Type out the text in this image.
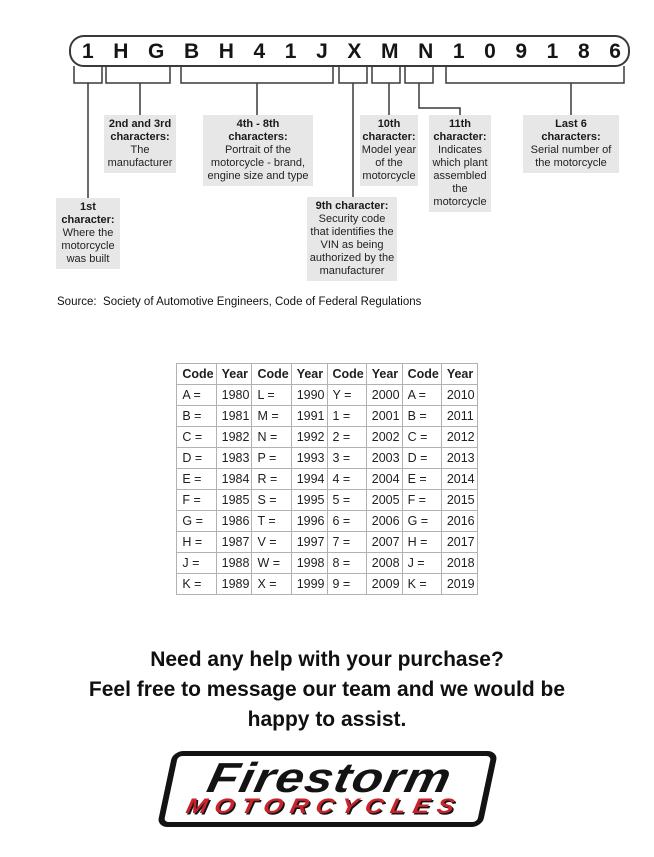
1 H G B H 4 1 J X M N 1 0 9 1 8 6
1st
character:
Where the
motorcycle
was built
2nd and 3rd
characters:
The
manufacturer
4th - 8th
characters:
Portrait of the
motorcycle - brand,
engine size and type
9th character:
Security code
that identifies the
VIN as being
authorized by the
manufacturer
10th
character:
Model year
of the
motorcycle
11th
character:
Indicates
which plant
assembled
the
motorcycle
Last 6
characters:
Serial number of
the motorcycle
Source:  Society of Automotive Engineers, Code of Federal Regulations
Code	Year	Code	Year	Code	Year	Code	Year
A =	1980	L =	1990	Y =	2000	A =	2010
B =	1981	M =	1991	1 =	2001	B =	2011
C =	1982	N =	1992	2 =	2002	C =	2012
D =	1983	P =	1993	3 =	2003	D =	2013
E =	1984	R =	1994	4 =	2004	E =	2014
F =	1985	S =	1995	5 =	2005	F =	2015
G =	1986	T =	1996	6 =	2006	G =	2016
H =	1987	V =	1997	7 =	2007	H =	2017
J =	1988	W =	1998	8 =	2008	J =	2018
K =	1989	X =	1999	9 =	2009	K =	2019
Need any help with your purchase?
Feel free to message our team and we would be
happy to assist.
Firestorm
MOTORCYCLES
